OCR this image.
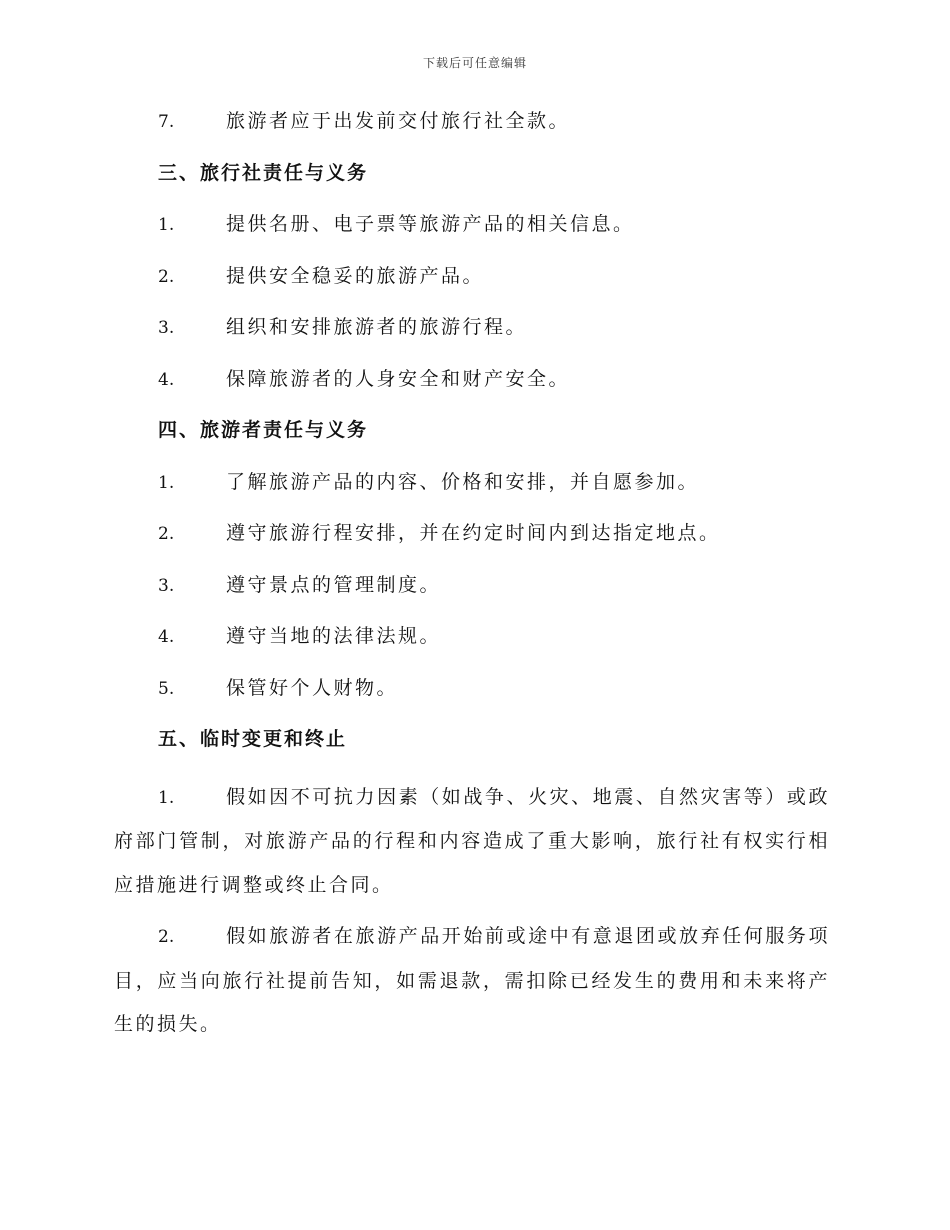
下载后可任意编辑
7.	旅游者应于出发前交付旅行社全款。
三、旅行社责任与义务
1.	提供名册、电子票等旅游产品的相关信息。
2.	提供安全稳妥的旅游产品。
3.	组织和安排旅游者的旅游行程。
4.	保障旅游者的人身安全和财产安全。
四、旅游者责任与义务
1.	了解旅游产品的内容、价格和安排，并自愿参加。
2.	遵守旅游行程安排，并在约定时间内到达指定地点。
3.	遵守景点的管理制度。
4.	遵守当地的法律法规。
5.	保管好个人财物。
五、临时变更和终止
1.	假如因不可抗力因素（如战争、火灾、地震、自然灾害等）或政府部门管制，对旅游产品的行程和内容造成了重大影响，旅行社有权实行相应措施进行调整或终止合同。
2.	假如旅游者在旅游产品开始前或途中有意退团或放弃任何服务项目，应当向旅行社提前告知，如需退款，需扣除已经发生的费用和未来将产生的损失。
